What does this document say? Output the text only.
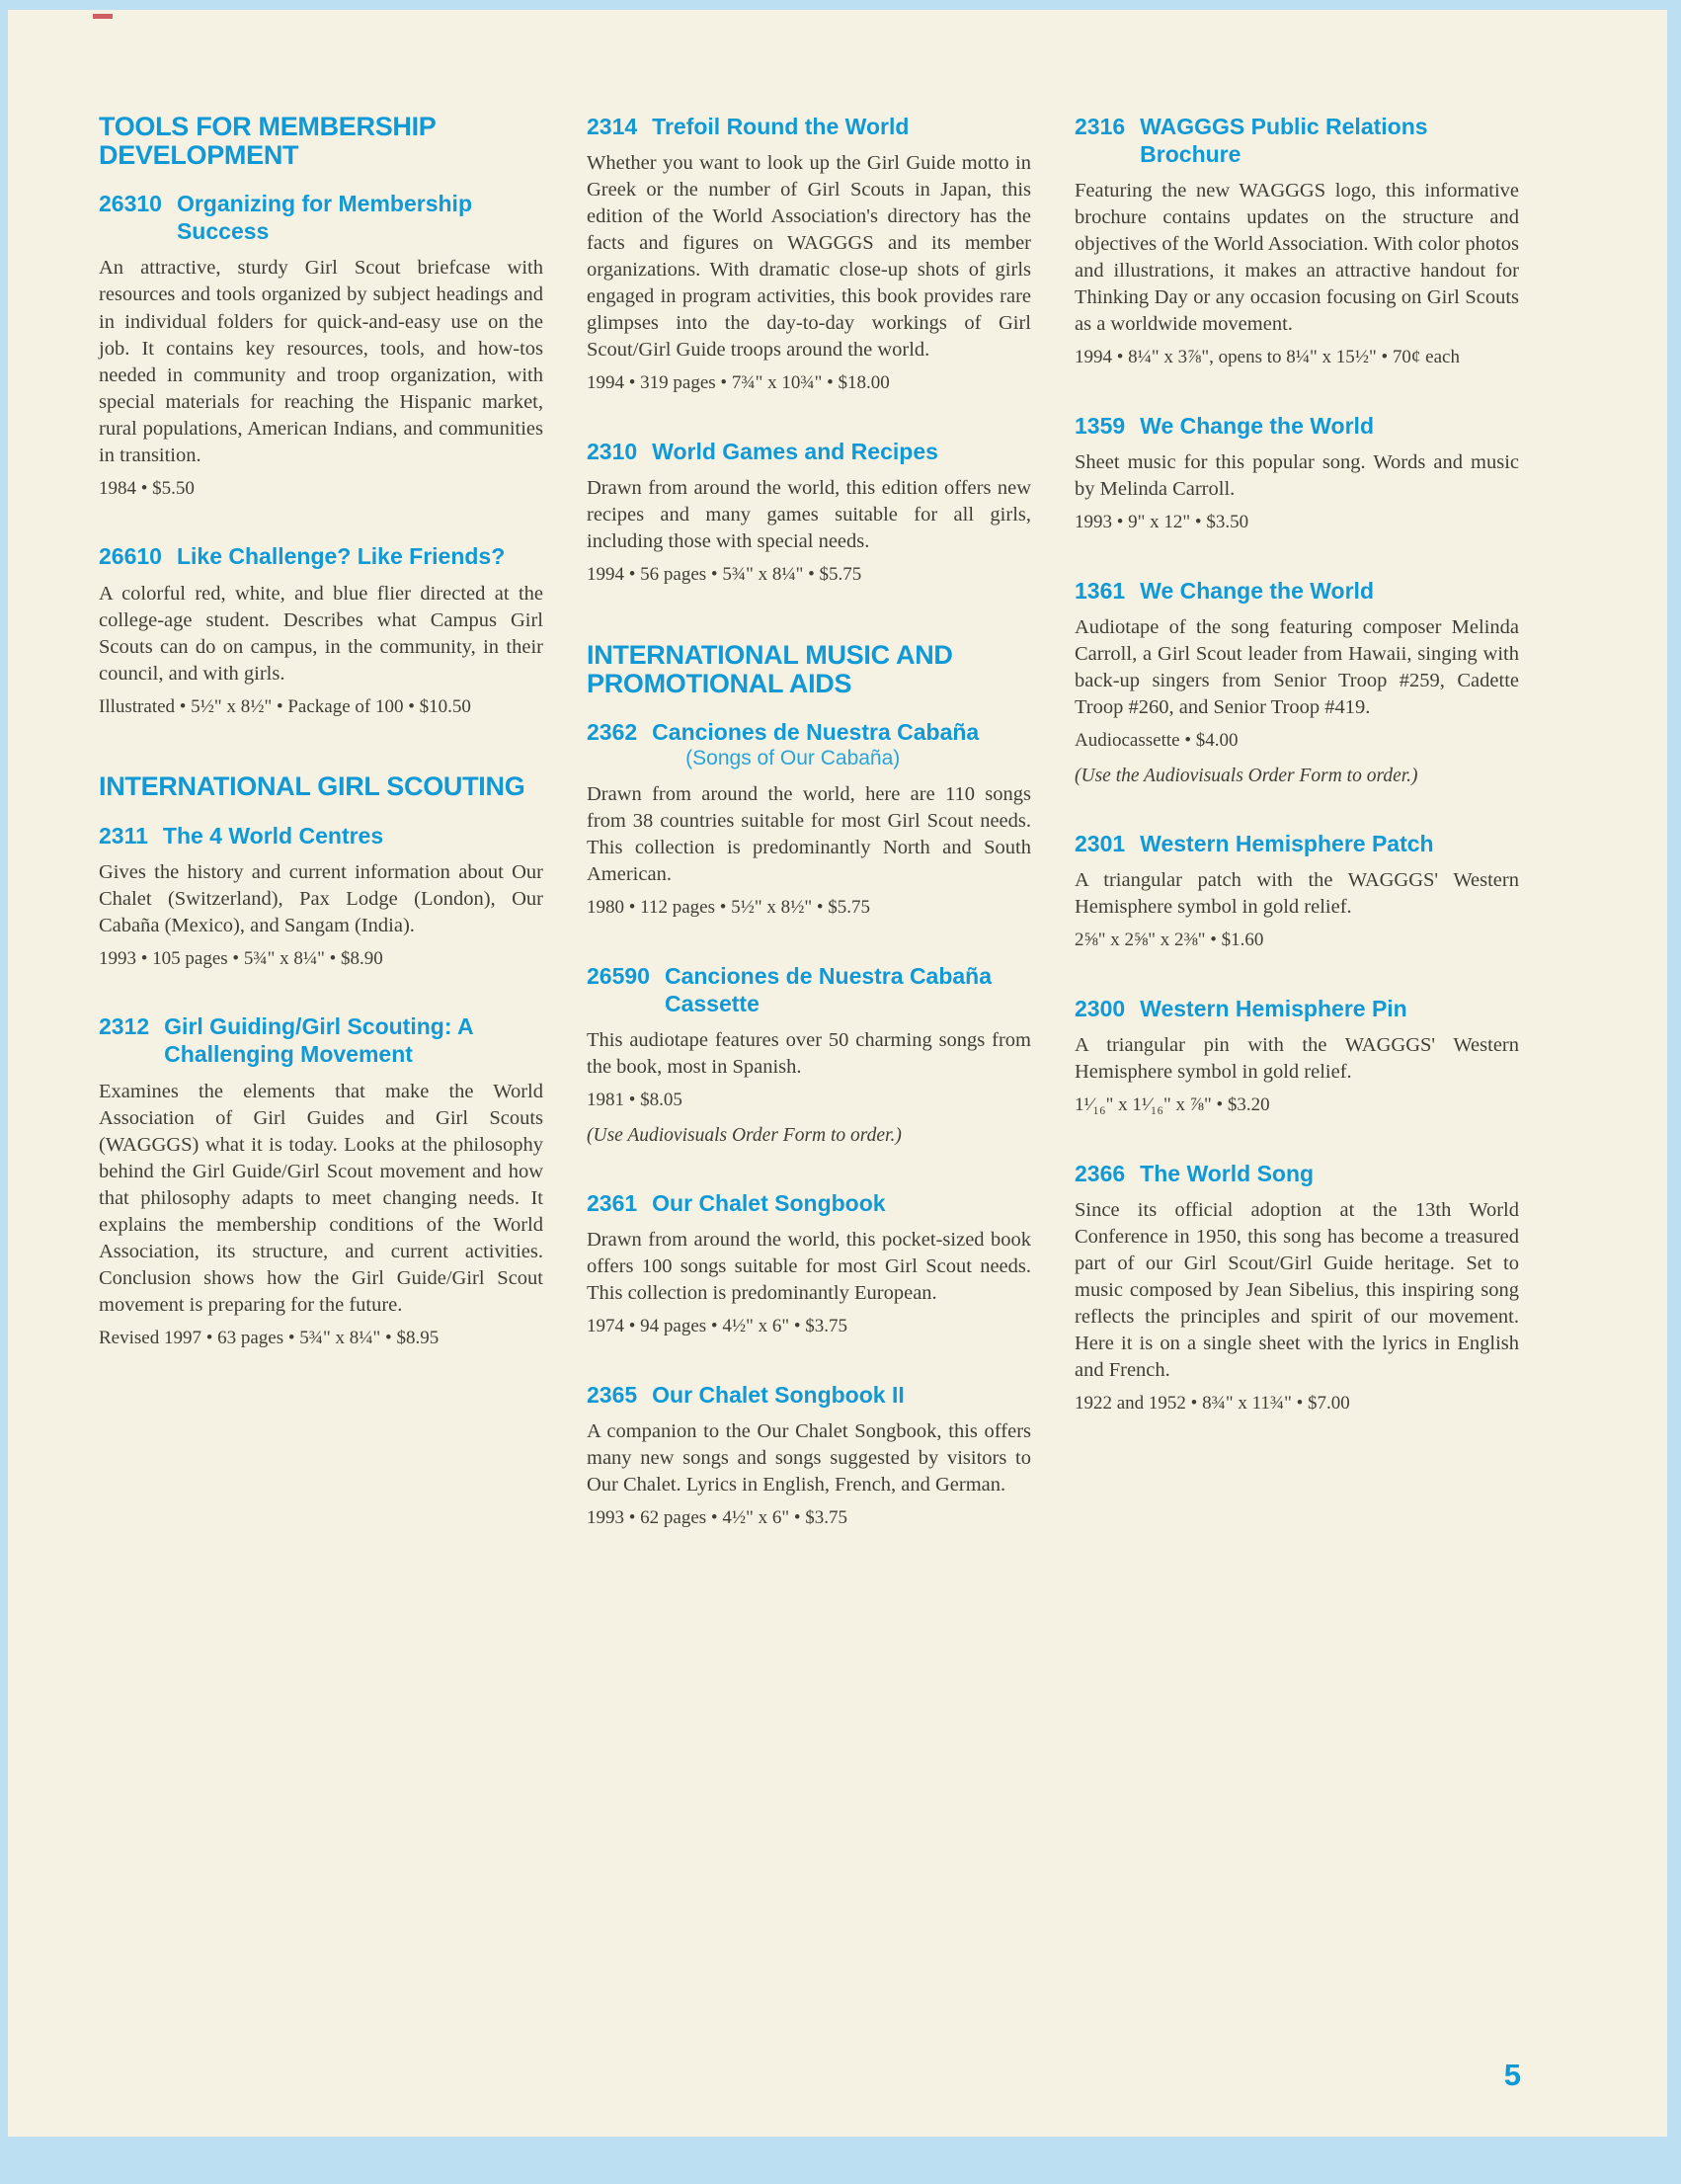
TOOLS FOR MEMBERSHIP DEVELOPMENT
26310 Organizing for Membership Success

An attractive, sturdy Girl Scout briefcase with resources and tools organized by subject headings and in individual folders for quick-and-easy use on the job. It contains key resources, tools, and how-tos needed in community and troop organization, with special materials for reaching the Hispanic market, rural populations, American Indians, and communities in transition.

1984 • $5.50

26610 Like Challenge? Like Friends?

A colorful red, white, and blue flier directed at the college-age student. Describes what Campus Girl Scouts can do on campus, in the community, in their council, and with girls.

Illustrated • 5½" x 8½" • Package of 100 • $10.50

INTERNATIONAL GIRL SCOUTING
2311 The 4 World Centres

Gives the history and current information about Our Chalet (Switzerland), Pax Lodge (London), Our Cabaña (Mexico), and Sangam (India).

1993 • 105 pages • 5¾" x 8¼" • $8.90

2312 Girl Guiding/Girl Scouting: A Challenging Movement

Examines the elements that make the World Association of Girl Guides and Girl Scouts (WAGGGS) what it is today. Looks at the philosophy behind the Girl Guide/Girl Scout movement and how that philosophy adapts to meet changing needs. It explains the membership conditions of the World Association, its structure, and current activities. Conclusion shows how the Girl Guide/Girl Scout movement is preparing for the future.

Revised 1997 • 63 pages • 5¾" x 8¼" • $8.95

2314 Trefoil Round the World

Whether you want to look up the Girl Guide motto in Greek or the number of Girl Scouts in Japan, this edition of the World Association's directory has the facts and figures on WAGGGS and its member organizations. With dramatic close-up shots of girls engaged in program activities, this book provides rare glimpses into the day-to-day workings of Girl Scout/Girl Guide troops around the world.

1994 • 319 pages • 7¾" x 10¾" • $18.00

2310 World Games and Recipes

Drawn from around the world, this edition offers new recipes and many games suitable for all girls, including those with special needs.

1994 • 56 pages • 5¾" x 8¼" • $5.75

INTERNATIONAL MUSIC AND PROMOTIONAL AIDS
2362 Canciones de Nuestra Cabaña
(Songs of Our Cabaña)

Drawn from around the world, here are 110 songs from 38 countries suitable for most Girl Scout needs. This collection is predominantly North and South American.

1980 • 112 pages • 5½" x 8½" • $5.75

26590 Canciones de Nuestra Cabaña Cassette

This audiotape features over 50 charming songs from the book, most in Spanish.

1981 • $8.05

(Use Audiovisuals Order Form to order.)

2361 Our Chalet Songbook

Drawn from around the world, this pocket-sized book offers 100 songs suitable for most Girl Scout needs. This collection is predominantly European.

1974 • 94 pages • 4½" x 6" • $3.75

2365 Our Chalet Songbook II

A companion to the Our Chalet Songbook, this offers many new songs and songs suggested by visitors to Our Chalet. Lyrics in English, French, and German.

1993 • 62 pages • 4½" x 6" • $3.75

2316 WAGGGS Public Relations Brochure

Featuring the new WAGGGS logo, this informative brochure contains updates on the structure and objectives of the World Association. With color photos and illustrations, it makes an attractive handout for Thinking Day or any occasion focusing on Girl Scouts as a worldwide movement.

1994 • 8¼" x 3⅞", opens to 8¼" x 15½" • 70¢ each

1359 We Change the World

Sheet music for this popular song. Words and music by Melinda Carroll.

1993 • 9" x 12" • $3.50

1361 We Change the World

Audiotape of the song featuring composer Melinda Carroll, a Girl Scout leader from Hawaii, singing with back-up singers from Senior Troop #259, Cadette Troop #260, and Senior Troop #419.

Audiocassette • $4.00

(Use the Audiovisuals Order Form to order.)

2301 Western Hemisphere Patch

A triangular patch with the WAGGGS' Western Hemisphere symbol in gold relief.

2⅝" x 2⅝" x 2⅜" • $1.60

2300 Western Hemisphere Pin

A triangular pin with the WAGGGS' Western Hemisphere symbol in gold relief.

1¹⁄₁₆" x 1¹⁄₁₆" x ⅞" • $3.20

2366 The World Song

Since its official adoption at the 13th World Conference in 1950, this song has become a treasured part of our Girl Scout/Girl Guide heritage. Set to music composed by Jean Sibelius, this inspiring song reflects the principles and spirit of our movement. Here it is on a single sheet with the lyrics in English and French.

1922 and 1952 • 8¾" x 11¾" • $7.00

5
